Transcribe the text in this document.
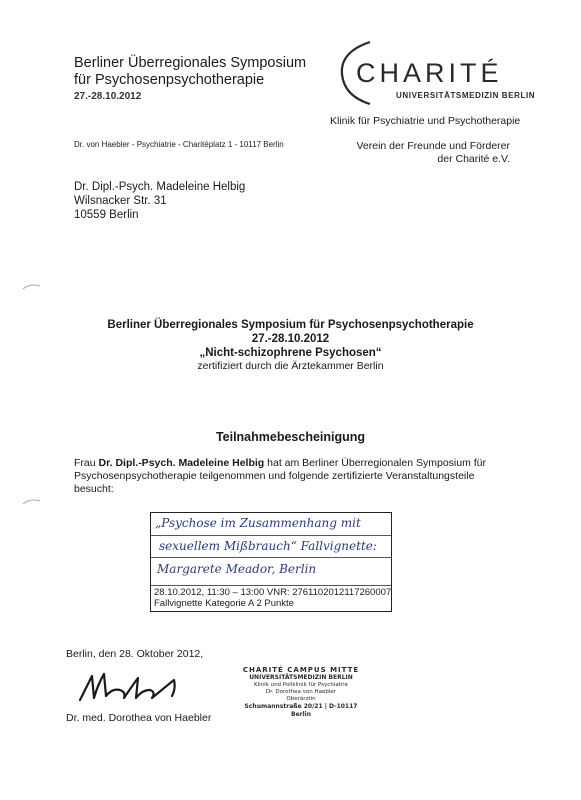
Berliner Überregionales Symposium
für Psychosenpsychotherapie
27.-28.10.2012
CHARITÉ
UNIVERSITÄTSMEDIZIN BERLIN
Klinik für Psychiatrie und Psychotherapie
Dr. von Haebler - Psychiatrie - Charitéplatz 1 - 10117 Berlin	Verein der Freunde und Förderer
der Charité e.V.
Dr. Dipl.-Psych. Madeleine Helbig
Wilsnacker Str. 31
10559 Berlin
Berliner Überregionales Symposium für Psychosenpsychotherapie
27.-28.10.2012
„Nicht-schizophrene Psychosen“
zertifiziert durch die Ärztekammer Berlin
Teilnahmebescheinigung
Frau Dr. Dipl.-Psych. Madeleine Helbig hat am Berliner Überregionalen Symposium für Psychosenpsychotherapie teilgenommen und folgende zertifizierte Veranstaltungsteile besucht:
„Psychose im Zusammenhang mit
sexuellem Mißbrauch“ Fallvignette:
Margarete Meador, Berlin
28.10.2012, 11:30 – 13:00 VNR: 2761102012117260007
Fallvignette Kategorie A 2 Punkte
Berlin, den 28. Oktober 2012,
Dr. med. Dorothea von Haebler
CHARITÉ CAMPUS MITTE
UNIVERSITÄTSMEDIZIN BERLIN
Klinik und Poliklinik für Psychiatrie
Dr. Dorothea von Haebler
Oberärztin
Schumannstraße 20/21 | D-10117 Berlin
